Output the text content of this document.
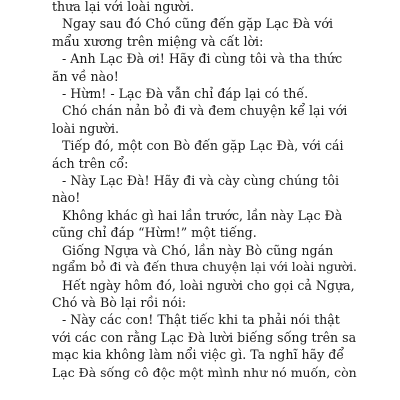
thưa lại với loài người.
Ngay sau đó Chó cũng đến gặp Lạc Đà với
mẩu xương trên miệng và cất lời:
- Anh Lạc Đà ơi! Hãy đi cùng tôi và tha thức
ăn về nào!
- Hừm! - Lạc Đà vẫn chỉ đáp lại có thế.
Chó chán nản bỏ đi và đem chuyện kể lại với
loài người.
Tiếp đó, một con Bò đến gặp Lạc Đà, với cái
ách trên cổ:
- Này Lạc Đà! Hãy đi và cày cùng chúng tôi
nào!
Không khác gì hai lần trước, lần này Lạc Đà
cũng chỉ đáp “Hừm!” một tiếng.
Giống Ngựa và Chó, lần này Bò cũng ngán
ngẩm bỏ đi và đến thưa chuyện lại với loài người.
Hết ngày hôm đó, loài người cho gọi cả Ngựa,
Chó và Bò lại rồi nói:
- Này các con! Thật tiếc khi ta phải nói thật
với các con rằng Lạc Đà lười biếng sống trên sa
mạc kia không làm nổi việc gì. Ta nghĩ hãy để
Lạc Đà sống cô độc một mình như nó muốn, còn
